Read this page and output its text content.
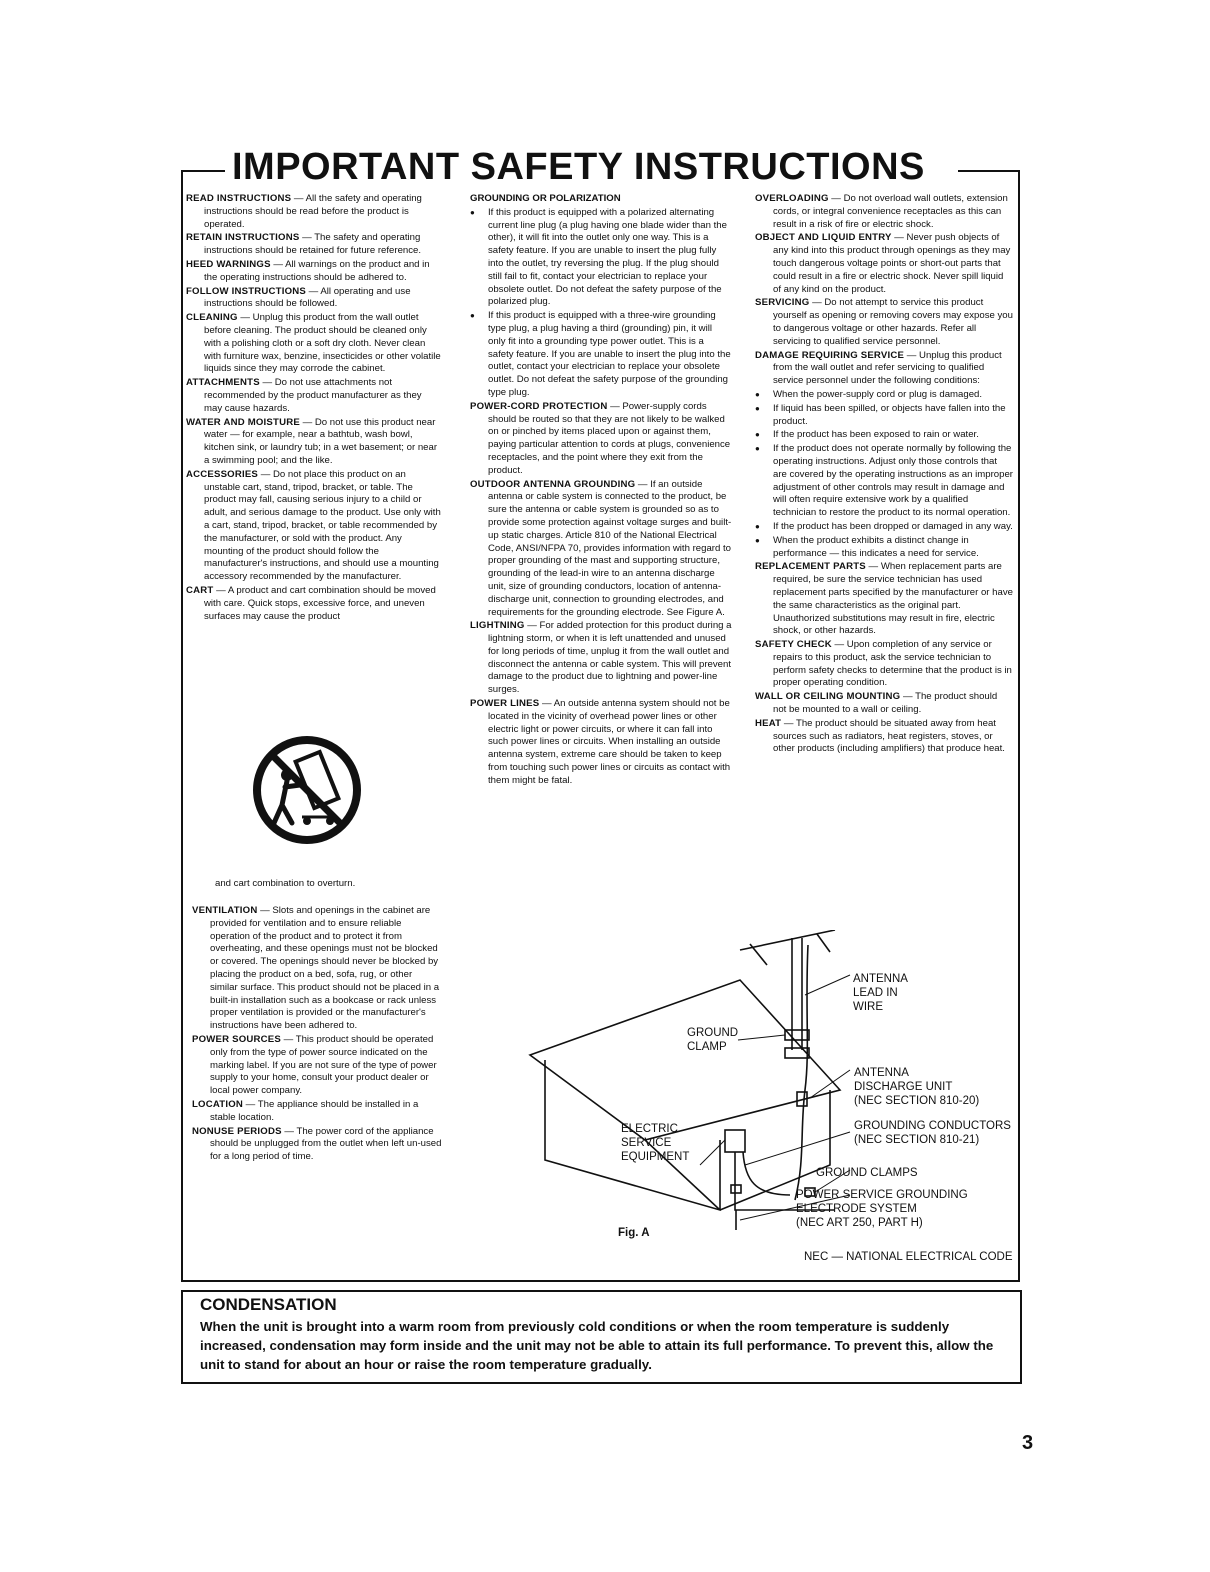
IMPORTANT SAFETY INSTRUCTIONS

READ INSTRUCTIONS — All the safety and operating instructions should be read before the product is operated.

RETAIN INSTRUCTIONS — The safety and operating instructions should be retained for future reference.

HEED WARNINGS — All warnings on the product and in the operating instructions should be adhered to.

FOLLOW INSTRUCTIONS — All operating and use instructions should be followed.

CLEANING — Unplug this product from the wall outlet before cleaning. The product should be cleaned only with a polishing cloth or a soft dry cloth. Never clean with furniture wax, benzine, insecticides or other volatile liquids since they may corrode the cabinet.

ATTACHMENTS — Do not use attachments not recommended by the product manufacturer as they may cause hazards.

WATER AND MOISTURE — Do not use this product near water — for example, near a bathtub, wash bowl, kitchen sink, or laundry tub; in a wet basement; or near a swimming pool; and the like.

ACCESSORIES — Do not place this product on an unstable cart, stand, tripod, bracket, or table. The product may fall, causing serious injury to a child or adult, and serious damage to the product. Use only with a cart, stand, tripod, bracket, or table recommended by the manufacturer, or sold with the product. Any mounting of the product should follow the manufacturer's instructions, and should use a mounting accessory recommended by the manufacturer.

CART — A product and cart combination should be moved with care. Quick stops, excessive force, and uneven surfaces may cause the product

and cart combination to overturn.

VENTILATION — Slots and openings in the cabinet are provided for ventilation and to ensure reliable operation of the product and to protect it from overheating, and these openings must not be blocked or covered. The openings should never be blocked by placing the product on a bed, sofa, rug, or other similar surface. This product should not be placed in a built-in installation such as a bookcase or rack unless proper ventilation is provided or the manufacturer's instructions have been adhered to.

POWER SOURCES — This product should be operated only from the type of power source indicated on the marking label. If you are not sure of the type of power supply to your home, consult your product dealer or local power company.

LOCATION — The appliance should be installed in a stable location.

NONUSE PERIODS — The power cord of the appliance should be unplugged from the outlet when left un-used for a long period of time.

GROUNDING OR POLARIZATION

● If this product is equipped with a polarized alternating current line plug (a plug having one blade wider than the other), it will fit into the outlet only one way. This is a safety feature. If you are unable to insert the plug fully into the outlet, try reversing the plug. If the plug should still fail to fit, contact your electrician to replace your obsolete outlet. Do not defeat the safety purpose of the polarized plug.
● If this product is equipped with a three-wire grounding type plug, a plug having a third (grounding) pin, it will only fit into a grounding type power outlet. This is a safety feature. If you are unable to insert the plug into the outlet, contact your electrician to replace your obsolete outlet. Do not defeat the safety purpose of the grounding type plug.

POWER-CORD PROTECTION — Power-supply cords should be routed so that they are not likely to be walked on or pinched by items placed upon or against them, paying particular attention to cords at plugs, convenience receptacles, and the point where they exit from the product.

OUTDOOR ANTENNA GROUNDING — If an outside antenna or cable system is connected to the product, be sure the antenna or cable system is grounded so as to provide some protection against voltage surges and built-up static charges. Article 810 of the National Electrical Code, ANSI/NFPA 70, provides information with regard to proper grounding of the mast and supporting structure, grounding of the lead-in wire to an antenna discharge unit, size of grounding conductors, location of antenna-discharge unit, connection to grounding electrodes, and requirements for the grounding electrode. See Figure A.

LIGHTNING — For added protection for this product during a lightning storm, or when it is left unattended and unused for long periods of time, unplug it from the wall outlet and disconnect the antenna or cable system. This will prevent damage to the product due to lightning and power-line surges.

POWER LINES — An outside antenna system should not be located in the vicinity of overhead power lines or other electric light or power circuits, or where it can fall into such power lines or circuits. When installing an outside antenna system, extreme care should be taken to keep from touching such power lines or circuits as contact with them might be fatal.

OVERLOADING — Do not overload wall outlets, extension cords, or integral convenience receptacles as this can result in a risk of fire or electric shock.

OBJECT AND LIQUID ENTRY — Never push objects of any kind into this product through openings as they may touch dangerous voltage points or short-out parts that could result in a fire or electric shock. Never spill liquid of any kind on the product.

SERVICING — Do not attempt to service this product yourself as opening or removing covers may expose you to dangerous voltage or other hazards. Refer all servicing to qualified service personnel.

DAMAGE REQUIRING SERVICE — Unplug this product from the wall outlet and refer servicing to qualified service personnel under the following conditions:

● When the power-supply cord or plug is damaged.
● If liquid has been spilled, or objects have fallen into the product.
● If the product has been exposed to rain or water.
● If the product does not operate normally by following the operating instructions. Adjust only those controls that are covered by the operating instructions as an improper adjustment of other controls may result in damage and will often require extensive work by a qualified technician to restore the product to its normal operation.
● If the product has been dropped or damaged in any way.
● When the product exhibits a distinct change in performance — this indicates a need for service.

REPLACEMENT PARTS — When replacement parts are required, be sure the service technician has used replacement parts specified by the manufacturer or have the same characteristics as the original part. Unauthorized substitutions may result in fire, electric shock, or other hazards.

SAFETY CHECK — Upon completion of any service or repairs to this product, ask the service technician to perform safety checks to determine that the product is in proper operating condition.

WALL OR CEILING MOUNTING — The product should not be mounted to a wall or ceiling.

HEAT — The product should be situated away from heat sources such as radiators, heat registers, stoves, or other products (including amplifiers) that produce heat.

ANTENNA
LEAD IN
WIRE
GROUND
CLAMP
ANTENNA
DISCHARGE UNIT
(NEC SECTION 810-20)
ELECTRIC
SERVICE
EQUIPMENT
GROUNDING CONDUCTORS
(NEC SECTION 810-21)
GROUND CLAMPS
POWER SERVICE GROUNDING
ELECTRODE SYSTEM
(NEC ART 250, PART H)
Fig. A
NEC — NATIONAL ELECTRICAL CODE
CONDENSATION

When the unit is brought into a warm room from previously cold conditions or when the room temperature is suddenly increased, condensation may form inside and the unit may not be able to attain its full performance. To prevent this, allow the unit to stand for about an hour or raise the room temperature gradually.

3
